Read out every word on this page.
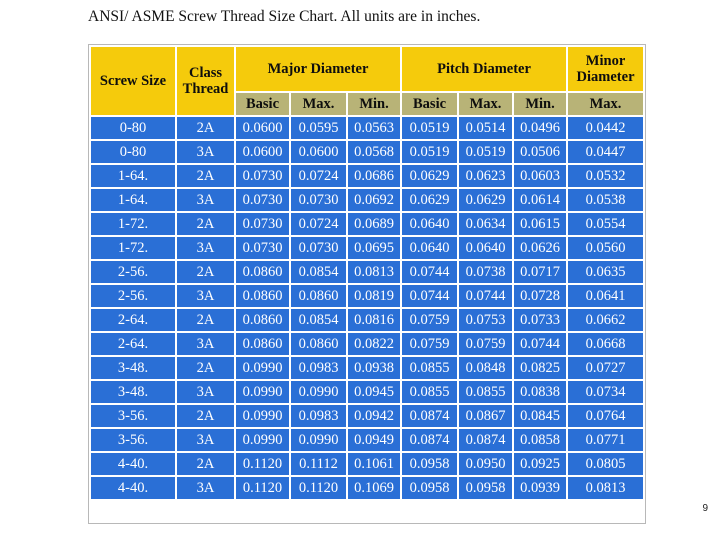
ANSI/ ASME Screw Thread Size Chart. All units are in inches.
Screw Size	Class Thread	Major Diameter			Pitch Diameter			Minor Diameter
		Basic	Max.	Min.	Basic	Max.	Min.	Max.
0-80	2A	0.0600	0.0595	0.0563	0.0519	0.0514	0.0496	0.0442
0-80	3A	0.0600	0.0600	0.0568	0.0519	0.0519	0.0506	0.0447
1-64.	2A	0.0730	0.0724	0.0686	0.0629	0.0623	0.0603	0.0532
1-64.	3A	0.0730	0.0730	0.0692	0.0629	0.0629	0.0614	0.0538
1-72.	2A	0.0730	0.0724	0.0689	0.0640	0.0634	0.0615	0.0554
1-72.	3A	0.0730	0.0730	0.0695	0.0640	0.0640	0.0626	0.0560
2-56.	2A	0.0860	0.0854	0.0813	0.0744	0.0738	0.0717	0.0635
2-56.	3A	0.0860	0.0860	0.0819	0.0744	0.0744	0.0728	0.0641
2-64.	2A	0.0860	0.0854	0.0816	0.0759	0.0753	0.0733	0.0662
2-64.	3A	0.0860	0.0860	0.0822	0.0759	0.0759	0.0744	0.0668
3-48.	2A	0.0990	0.0983	0.0938	0.0855	0.0848	0.0825	0.0727
3-48.	3A	0.0990	0.0990	0.0945	0.0855	0.0855	0.0838	0.0734
3-56.	2A	0.0990	0.0983	0.0942	0.0874	0.0867	0.0845	0.0764
3-56.	3A	0.0990	0.0990	0.0949	0.0874	0.0874	0.0858	0.0771
4-40.	2A	0.1120	0.1112	0.1061	0.0958	0.0950	0.0925	0.0805
4-40.	3A	0.1120	0.1120	0.1069	0.0958	0.0958	0.0939	0.0813
9
